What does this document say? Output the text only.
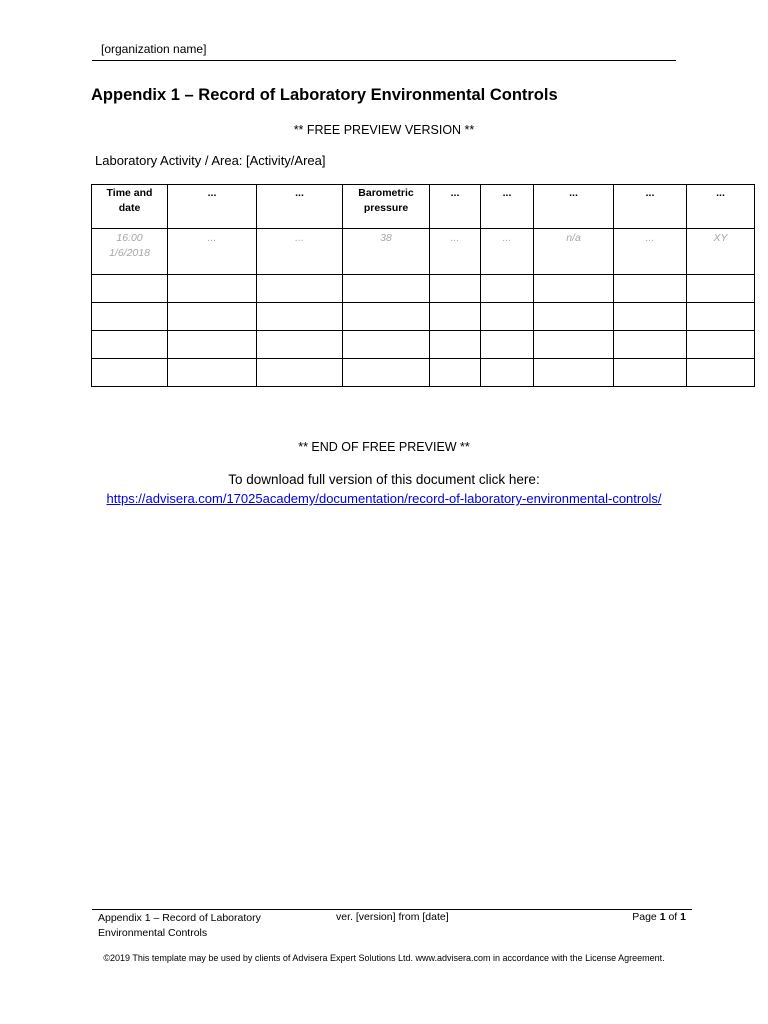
[organization name]
Appendix 1 – Record of Laboratory Environmental Controls
** FREE PREVIEW VERSION **
Laboratory Activity / Area: [Activity/Area]
Time and date	...	...	Barometric pressure	...	...	...	...	...
16:00 1/6/2018	...	...	38	...	...	n/a	...	XY

** END OF FREE PREVIEW **
To download full version of this document click here:
https://advisera.com/17025academy/documentation/record-of-laboratory-environmental-controls/
Appendix 1 – Record of Laboratory Environmental Controls
ver. [version] from [date]	Page 1 of 1
©2019 This template may be used by clients of Advisera Expert Solutions Ltd. www.advisera.com in accordance with the License Agreement.
